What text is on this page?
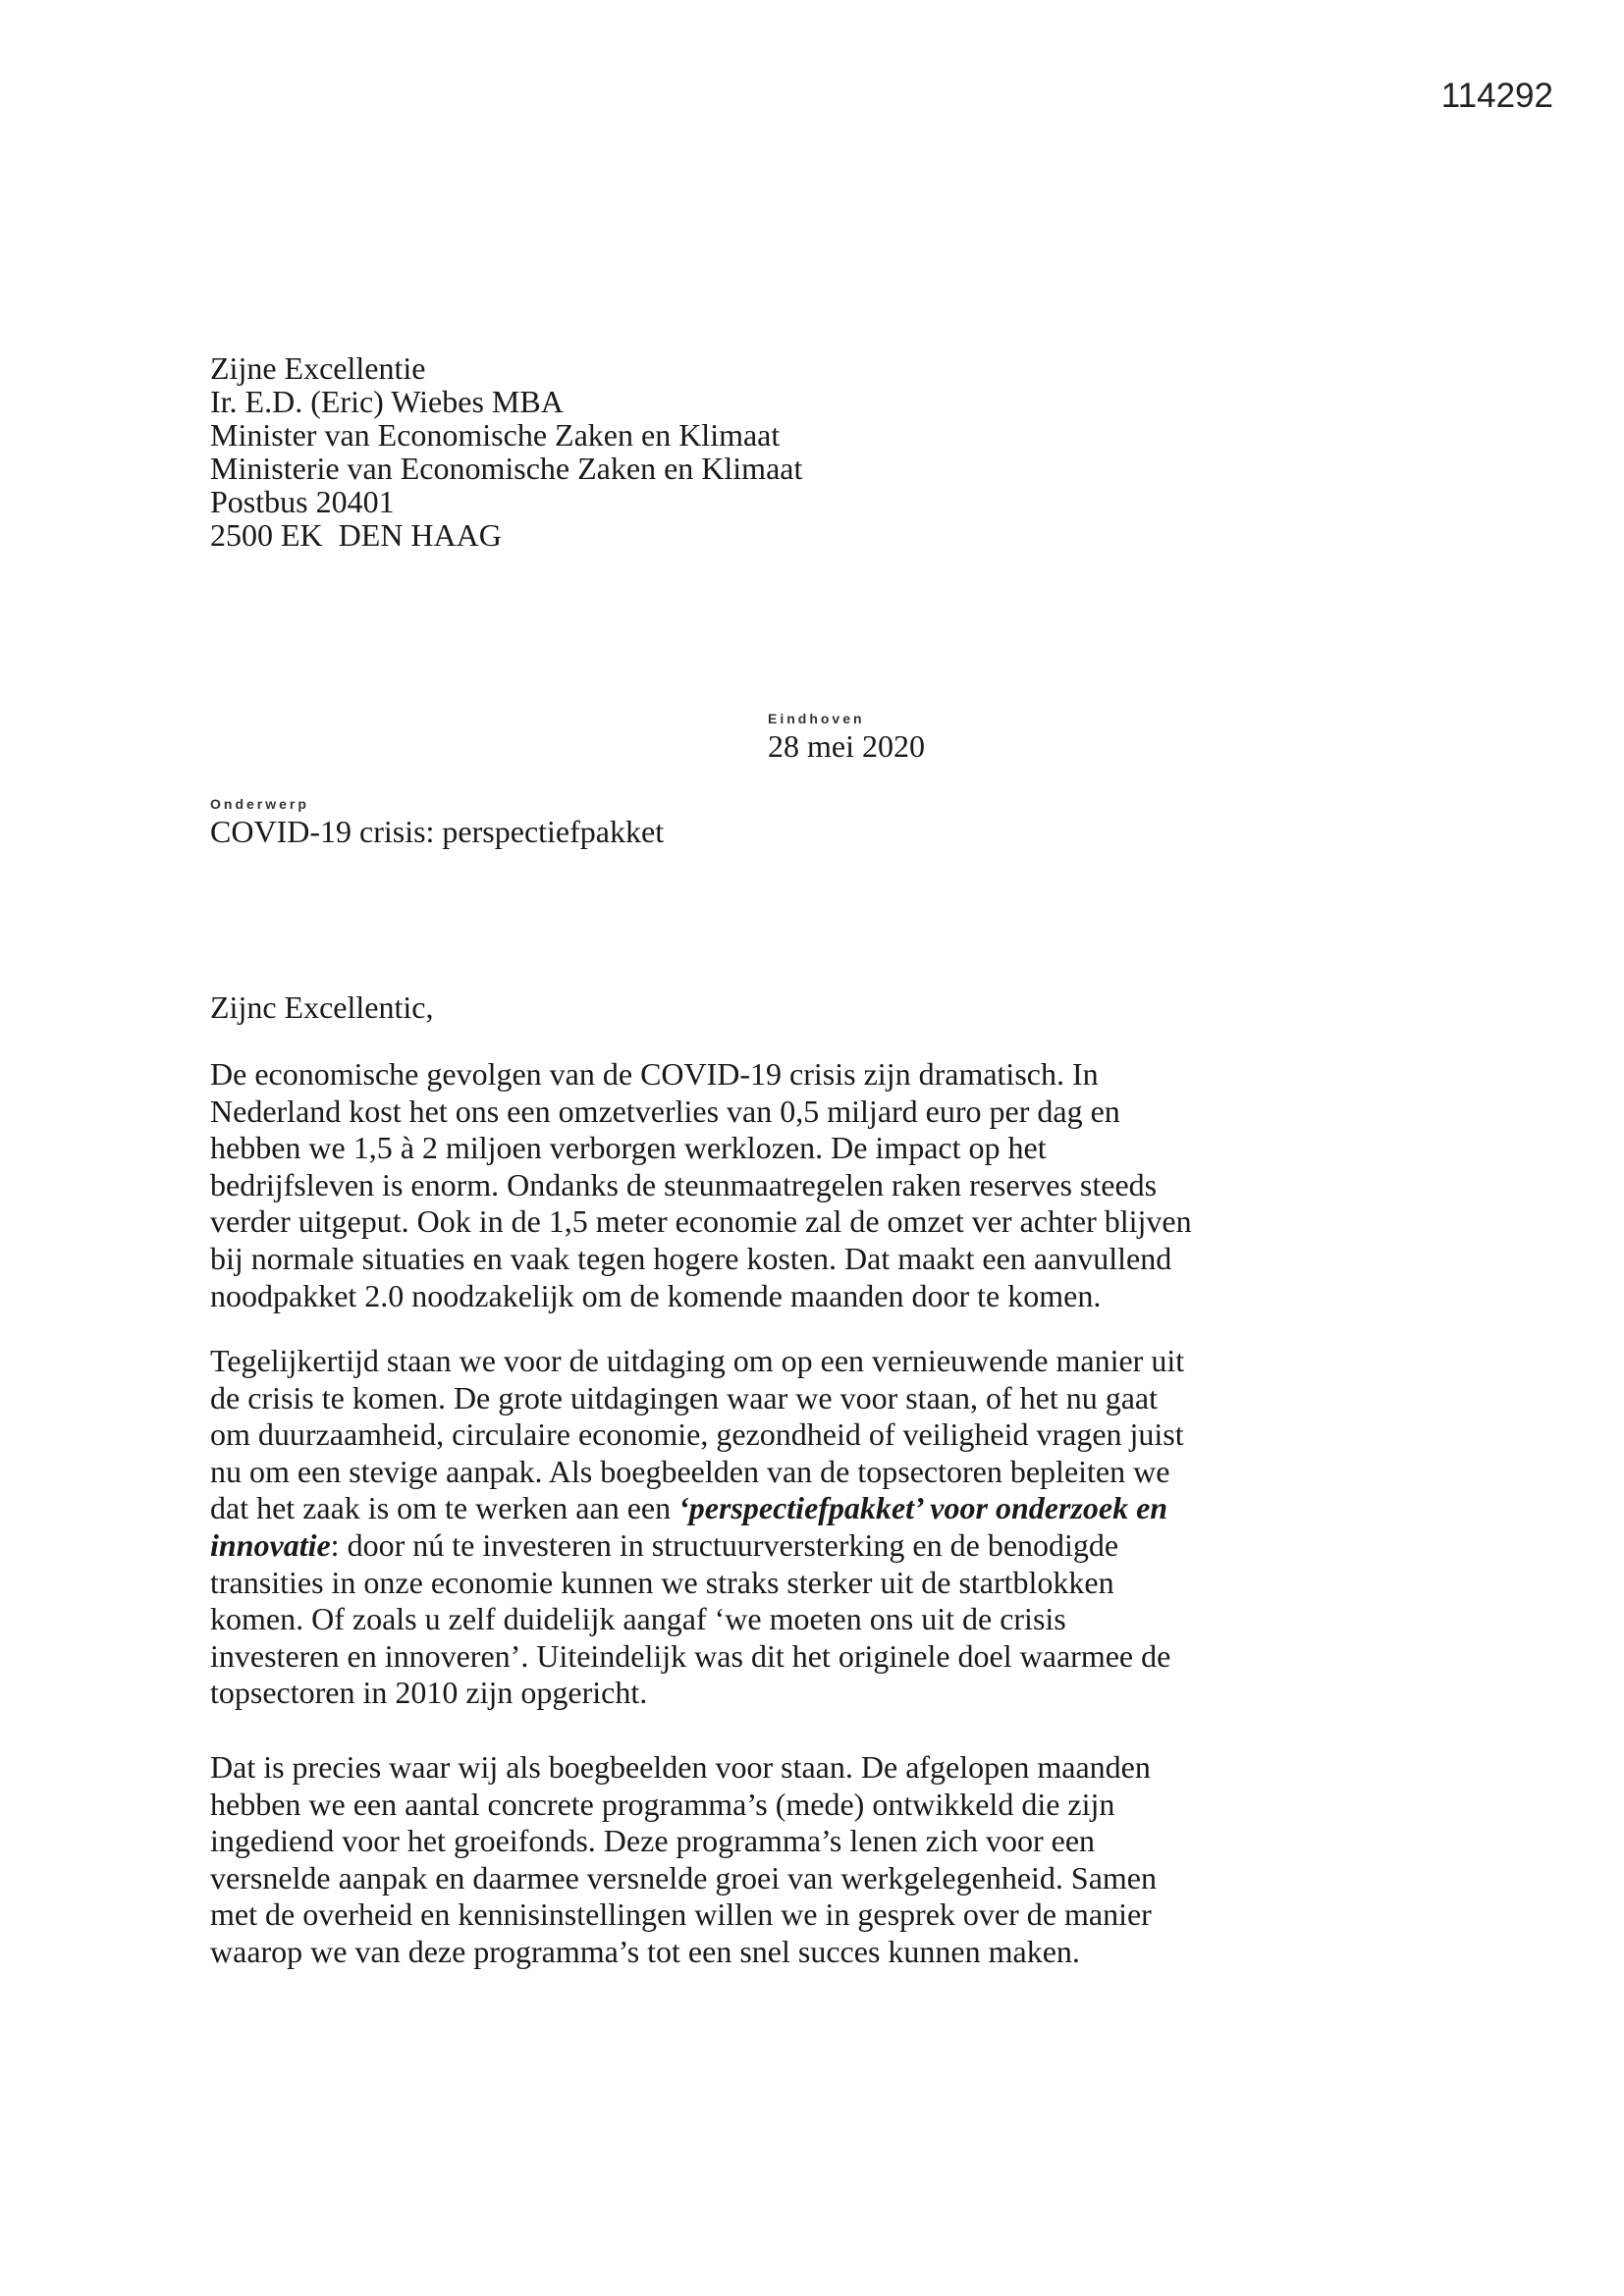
114292
Zijne Excellentie
Ir. E.D. (Eric) Wiebes MBA
Minister van Economische Zaken en Klimaat
Ministerie van Economische Zaken en Klimaat
Postbus 20401
2500 EK  DEN HAAG
Eindhoven
28 mei 2020
Onderwerp
COVID-19 crisis: perspectiefpakket
Zijnc Excellentic,
De economische gevolgen van de COVID-19 crisis zijn dramatisch. In
Nederland kost het ons een omzetverlies van 0,5 miljard euro per dag en
hebben we 1,5 à 2 miljoen verborgen werklozen. De impact op het
bedrijfsleven is enorm. Ondanks de steunmaatregelen raken reserves steeds
verder uitgeput. Ook in de 1,5 meter economie zal de omzet ver achter blijven
bij normale situaties en vaak tegen hogere kosten. Dat maakt een aanvullend
noodpakket 2.0 noodzakelijk om de komende maanden door te komen.
Tegelijkertijd staan we voor de uitdaging om op een vernieuwende manier uit
de crisis te komen. De grote uitdagingen waar we voor staan, of het nu gaat
om duurzaamheid, circulaire economie, gezondheid of veiligheid vragen juist
nu om een stevige aanpak. Als boegbeelden van de topsectoren bepleiten we
dat het zaak is om te werken aan een ‘perspectiefpakket’ voor onderzoek en
innovatie: door nú te investeren in structuurversterking en de benodigde
transities in onze economie kunnen we straks sterker uit de startblokken
komen. Of zoals u zelf duidelijk aangaf ‘we moeten ons uit de crisis
investeren en innoveren’. Uiteindelijk was dit het originele doel waarmee de
topsectoren in 2010 zijn opgericht.
Dat is precies waar wij als boegbeelden voor staan. De afgelopen maanden
hebben we een aantal concrete programma’s (mede) ontwikkeld die zijn
ingediend voor het groeifonds. Deze programma’s lenen zich voor een
versnelde aanpak en daarmee versnelde groei van werkgelegenheid. Samen
met de overheid en kennisinstellingen willen we in gesprek over de manier
waarop we van deze programma’s tot een snel succes kunnen maken.
